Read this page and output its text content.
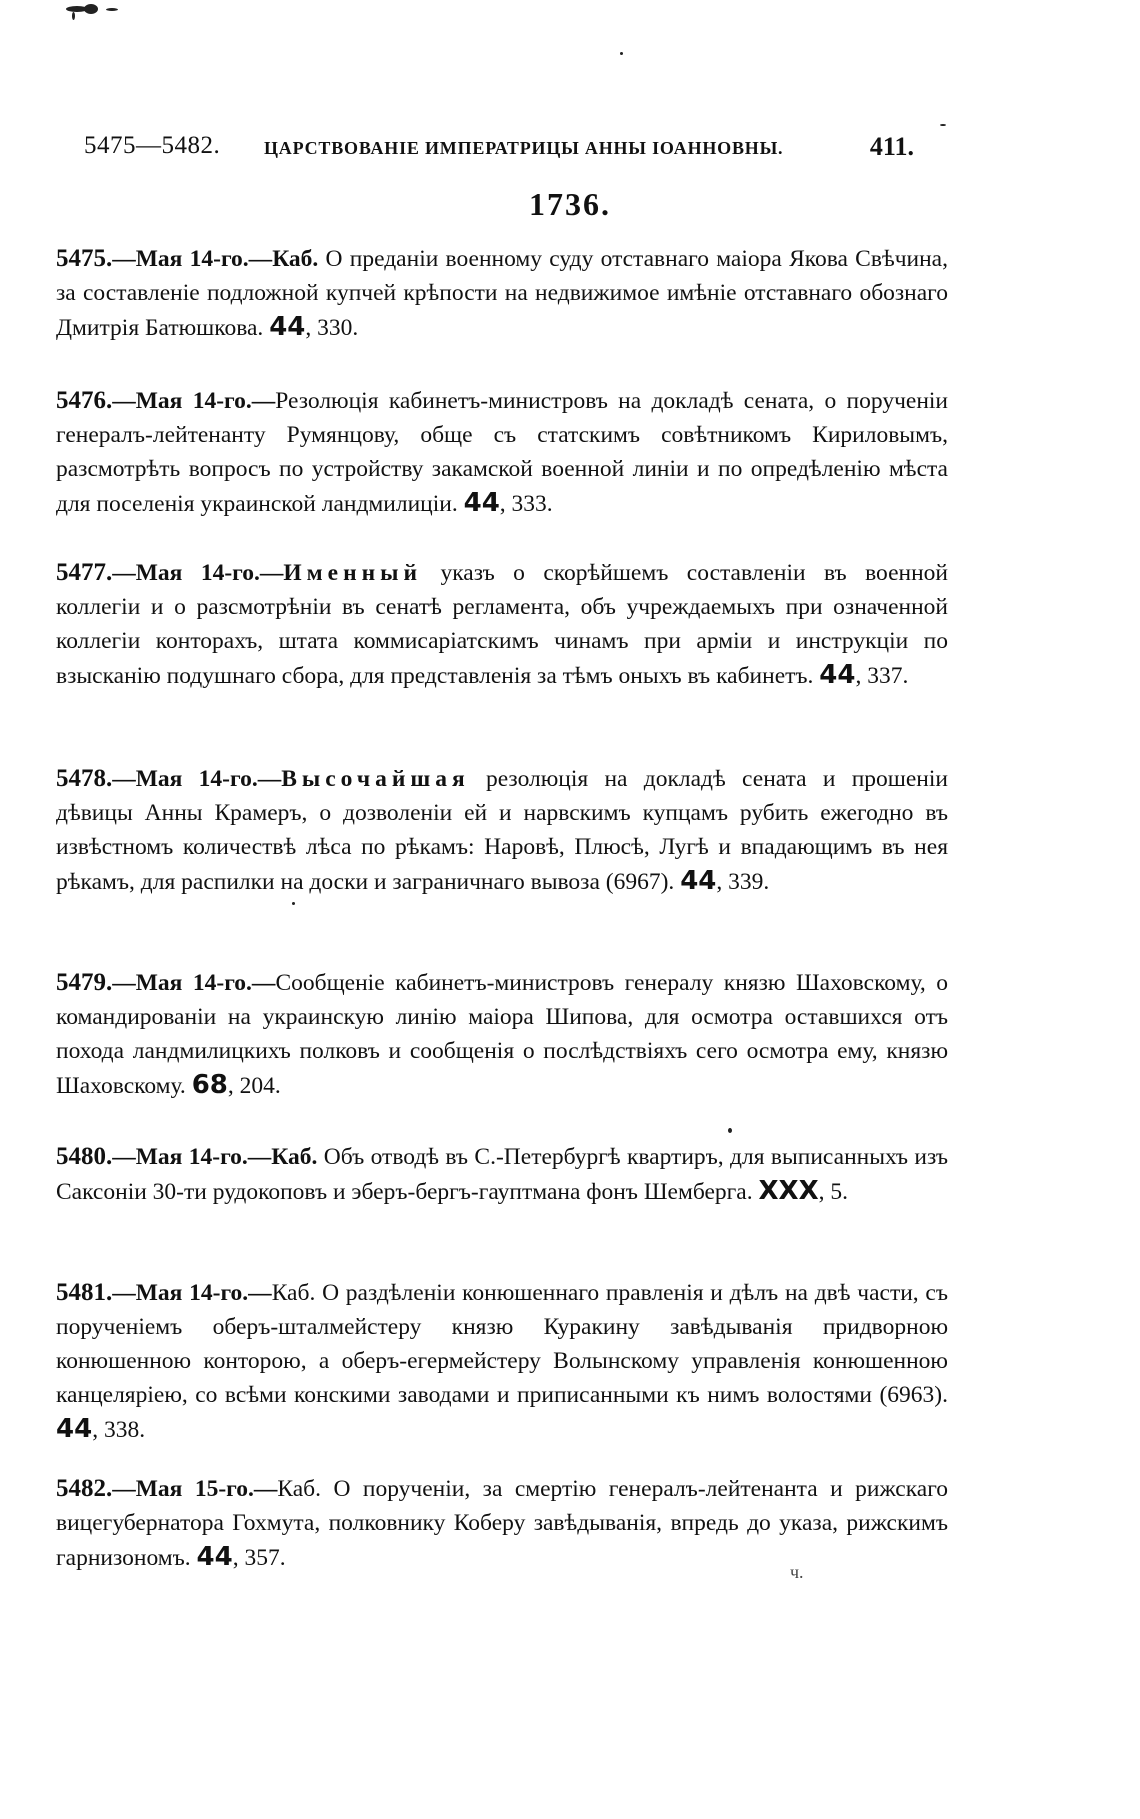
5475—5482. ЦАРСТВОВАНІЕ ИМПЕРАТРИЦЫ АННЫ ІОАННОВНЫ.	411.
1736.
5475.—Мая 14-го.—Каб. О преданіи военному суду отставнаго маіора Якова Свѣчина, за составленіе подложной купчей крѣпости на недвижимое имѣніе отставнаго обознаго Дмитрія Батюшкова. 44, 330.
5476.—Мая 14-го.—Резолюція кабинетъ-министровъ на докладѣ сената, о порученіи генералъ-лейтенанту Румянцову, обще съ статскимъ совѣтникомъ Кириловымъ, разсмотрѣть вопросъ по устройству закамской военной линіи и по опредѣленію мѣста для поселенія украинской ландмилиціи. 44, 333.
5477.—Мая 14-го.—Именный указъ о скорѣйшемъ составленіи въ военной коллегіи и о разсмотрѣніи въ сенатѣ регламента, объ учреждаемыхъ при означенной коллегіи конторахъ, штата коммисаріатскимъ чинамъ при арміи и инструкціи по взысканію подушнаго сбора, для представленія за тѣмъ оныхъ въ кабинетъ. 44, 337.
5478.—Мая 14-го.—Высочайшая резолюція на докладѣ сената и прошеніи дѣвицы Анны Крамеръ, о дозволеніи ей и нарвскимъ купцамъ рубить ежегодно въ извѣстномъ количествѣ лѣса по рѣкамъ: Наровѣ, Плюсѣ, Лугѣ и впадающимъ въ нея рѣкамъ, для распилки на доски и заграничнаго вывоза (6967). 44, 339.
5479.—Мая 14-го.—Сообщеніе кабинетъ-министровъ генералу князю Шаховскому, о командированіи на украинскую линію маіора Шипова, для осмотра оставшихся отъ похода ландмилицкихъ полковъ и сообщенія о послѣдствіяхъ сего осмотра ему, князю Шаховскому. 68, 204.
5480.—Мая 14-го.—Каб. Объ отводѣ въ С.-Петербургѣ квартиръ, для выписанныхъ изъ Саксоніи 30-ти рудокоповъ и эберъ-бергъ-гауптмана фонъ Шемберга. XXX, 5.
5481.—Мая 14-го.—Каб. О раздѣленіи конюшеннаго правленія и дѣлъ на двѣ части, съ порученіемъ оберъ-шталмейстеру князю Куракину завѣдыванія придворною конюшенною конторою, а оберъ-егермейстеру Волынскому управленія конюшенною канцеляріею, со всѣми конскими заводами и приписанными къ нимъ волостями (6963). 44, 338.
5482.—Мая 15-го.—Каб. О порученіи, за смертію генералъ-лейтенанта и рижскаго вицегубернатора Гохмута, полковнику Коберу завѣдыванія, впредь до указа, рижскимъ гарнизономъ. 44, 357.
ч.
